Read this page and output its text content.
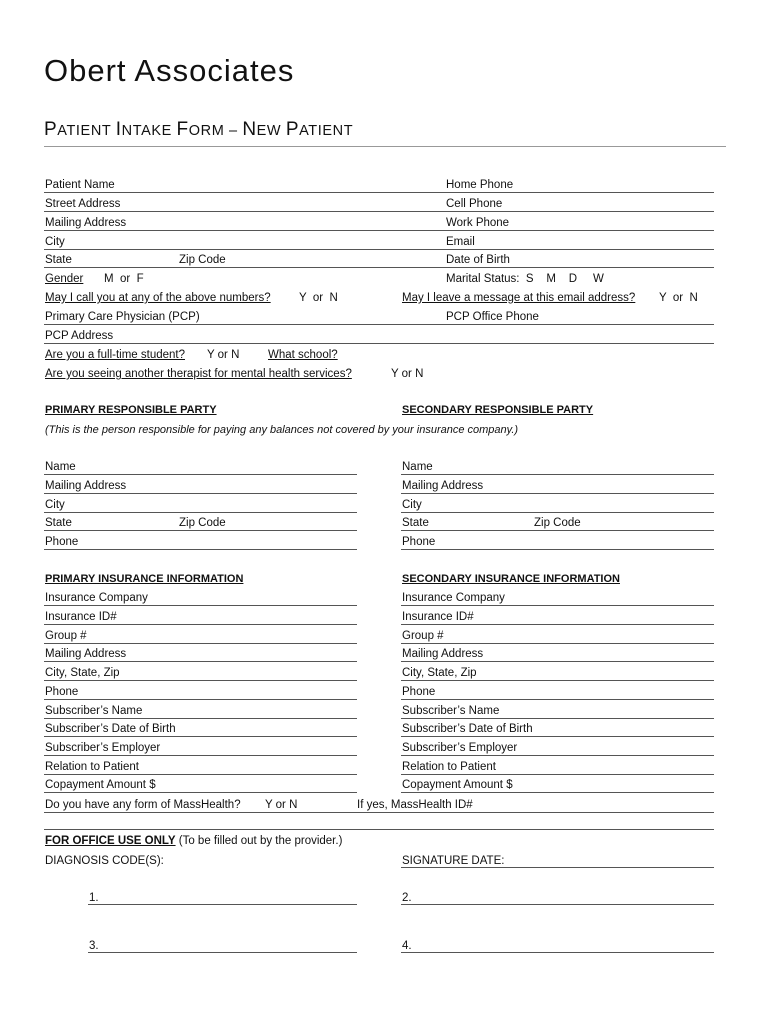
Obert Associates
PATIENT INTAKE FORM – NEW PATIENT
Patient Name	Home Phone
Street Address	Cell Phone
Mailing Address	Work Phone
City	Email
State	Zip Code	Date of Birth
Gender M  or  F	Marital Status:  S    M    D     W
May I call you at any of the above numbers? Y  or  N	May I leave a message at this email address? Y  or  N
Primary Care Physician (PCP)	PCP Office Phone
PCP Address
Are you a full-time student? Y or N What school?
Are you seeing another therapist for mental health services?	Y or N
PRIMARY RESPONSIBLE PARTY	SECONDARY RESPONSIBLE PARTY
(This is the person responsible for paying any balances not covered by your insurance company.)
Name	Name
Mailing Address	Mailing Address
City	City
State	Zip Code	State	Zip Code
Phone	Phone
PRIMARY INSURANCE INFORMATION	SECONDARY INSURANCE INFORMATION
Insurance Company	Insurance Company
Insurance ID#	Insurance ID#
Group #	Group #
Mailing Address	Mailing Address
City, State, Zip	City, State, Zip
Phone	Phone
Subscriber’s Name	Subscriber’s Name
Subscriber’s Date of Birth	Subscriber’s Date of Birth
Subscriber’s Employer	Subscriber’s Employer
Relation to Patient	Relation to Patient
Copayment Amount $	Copayment Amount $
Do you have any form of MassHealth? Y or N	If yes, MassHealth ID#
FOR OFFICE USE ONLY (To be filled out by the provider.)
DIAGNOSIS CODE(S):	SIGNATURE DATE:
1.	2.
3.	4.
